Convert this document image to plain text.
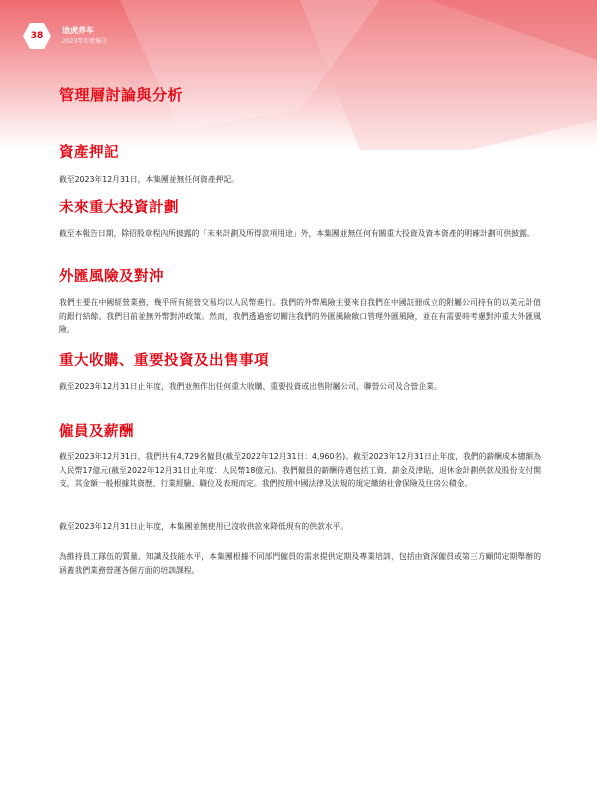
38
途虎养车
2023年年度報告
管理層討論與分析
資產押記

截至2023年12月31日，本集團並無任何資產押記。

未來重大投資計劃

截至本報告日期，除招股章程內所披露的「未來計劃及所得款項用途」外，本集團並無任何有關重大投資及資本資產的明確計劃可供披露。

外匯風險及對沖

我們主要在中國經營業務，幾乎所有經營交易均以人民幣進行。我們的外幣風險主要來自我們在中國註冊成立的附屬公司持有的以美元計值的銀行結餘。我們目前並無外幣對沖政策。然而，我們透過密切關注我們的外匯風險敞口管理外匯風險，並在有需要時考慮對沖重大外匯風險。

重大收購、重要投資及出售事項

截至2023年12月31日止年度，我們並無作出任何重大收購、重要投資或出售附屬公司、聯營公司及合營企業。

僱員及薪酬

截至2023年12月31日，我們共有4,729名僱員(截至2022年12月31日：4,960名)。截至2023年12月31日止年度，我們的薪酬成本總額為人民幣17億元(截至2022年12月31日止年度：人民幣18億元)。我們僱員的薪酬待遇包括工資、薪金及津貼、退休金計劃供款及股份支付開支，其金額一般根據其資歷、行業經驗、職位及表現而定。我們按照中國法律及法規的規定繳納社會保險及住房公積金。

截至2023年12月31日止年度，本集團並無使用已沒收供款來降低現有的供款水平。

為維持員工隊伍的質量、知識及技能水平，本集團根據不同部門僱員的需求提供定期及專業培訓，包括由資深僱員或第三方顧問定期舉辦的涵蓋我們業務營運各個方面的培訓課程。
